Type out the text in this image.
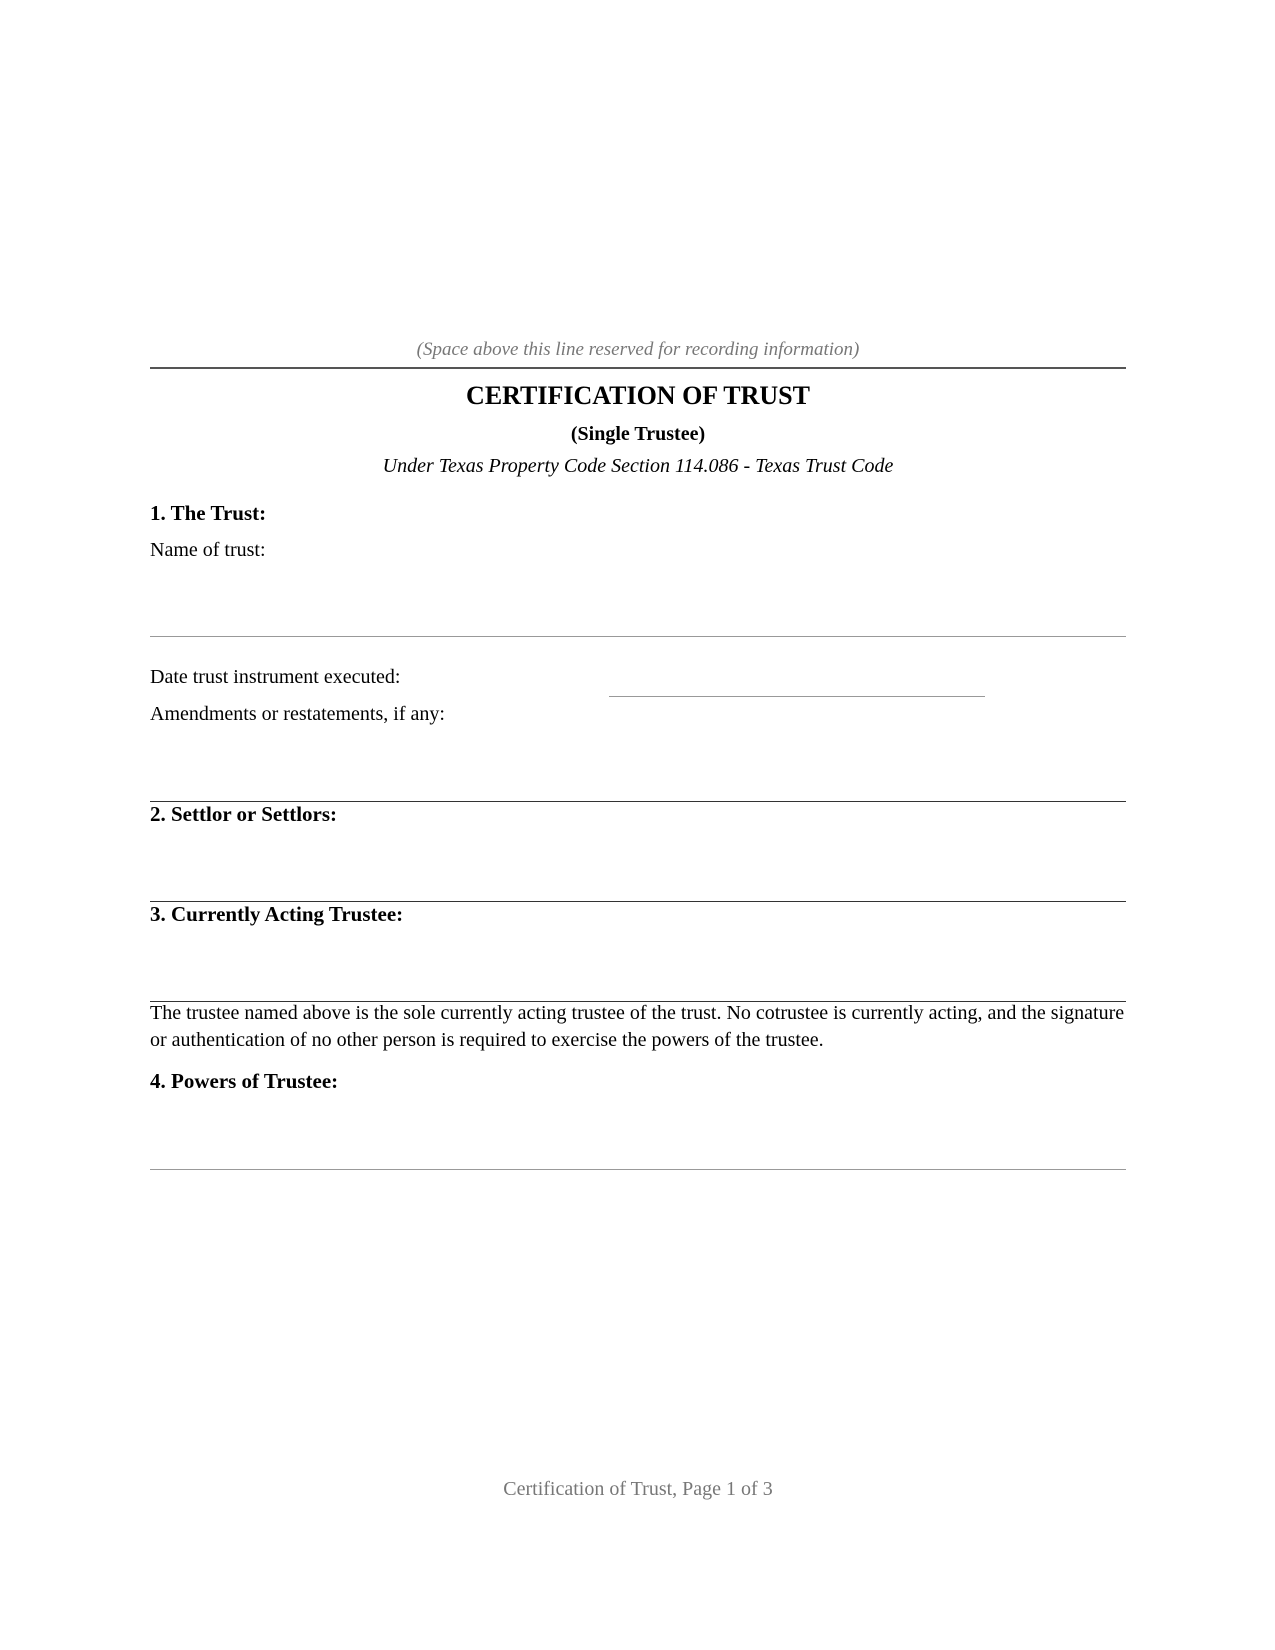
(Space above this line reserved for recording information)
CERTIFICATION OF TRUST
(Single Trustee)
Under Texas Property Code Section 114.086 - Texas Trust Code
1. The Trust:
Name of trust:
Date trust instrument executed:
Amendments or restatements, if any:
2. Settlor or Settlors:
3. Currently Acting Trustee:
The trustee named above is the sole currently acting trustee of the trust. No cotrustee is currently acting, and the signature or authentication of no other person is required to exercise the powers of the trustee.
4. Powers of Trustee:
Certification of Trust, Page 1 of 3
